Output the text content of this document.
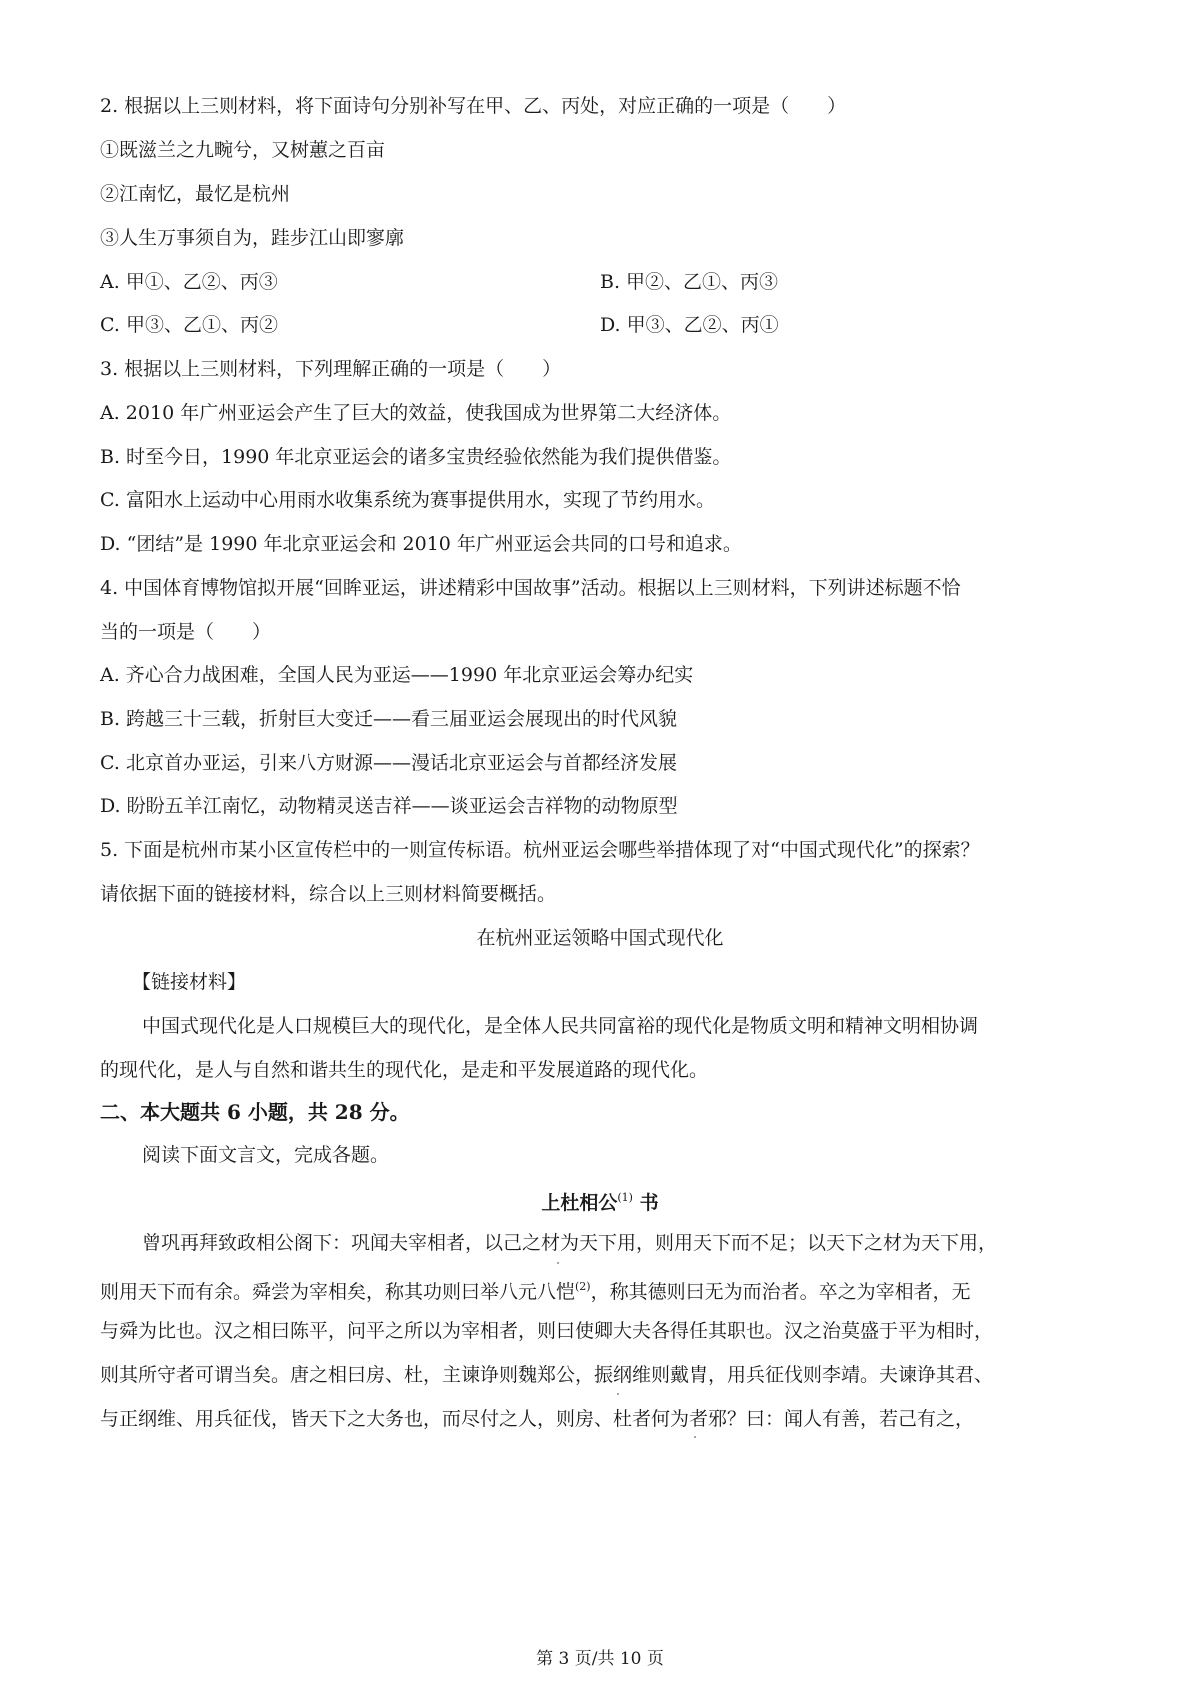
2. 根据以上三则材料，将下面诗句分别补写在甲、乙、丙处，对应正确的一项是（　　）
①既滋兰之九畹兮，又树蕙之百亩
②江南忆，最忆是杭州
③人生万事须自为，跬步江山即寥廓
A. 甲①、乙②、丙③	B. 甲②、乙①、丙③
C. 甲③、乙①、丙②	D. 甲③、乙②、丙①
3. 根据以上三则材料，下列理解正确的一项是（　　）
A. 2010 年广州亚运会产生了巨大的效益，使我国成为世界第二大经济体。
B. 时至今日，1990 年北京亚运会的诸多宝贵经验依然能为我们提供借鉴。
C. 富阳水上运动中心用雨水收集系统为赛事提供用水，实现了节约用水。
D. “团结”是 1990 年北京亚运会和 2010 年广州亚运会共同的口号和追求。
4. 中国体育博物馆拟开展“回眸亚运，讲述精彩中国故事”活动。根据以上三则材料，下列讲述标题不恰
当的一项是（　　）
A. 齐心合力战困难，全国人民为亚运——1990 年北京亚运会筹办纪实
B. 跨越三十三载，折射巨大变迁——看三届亚运会展现出的时代风貌
C. 北京首办亚运，引来八方财源——漫话北京亚运会与首都经济发展
D. 盼盼五羊江南忆，动物精灵送吉祥——谈亚运会吉祥物的动物原型
5. 下面是杭州市某小区宣传栏中的一则宣传标语。杭州亚运会哪些举措体现了对“中国式现代化”的探索？
请依据下面的链接材料，综合以上三则材料简要概括。
在杭州亚运领略中国式现代化
【链接材料】
中国式现代化是人口规模巨大的现代化，是全体人民共同富裕的现代化是物质文明和精神文明相协调
的现代化，是人与自然和谐共生的现代化，是走和平发展道路的现代化。
二、本大题共 6 小题，共 28 分。
阅读下面文言文，完成各题。
上杜相公$^{(1)}$ 书
曾巩再拜致政相公阁下：巩闻夫宰相者，以己之材为天下用，则用天下而不足；以天下之材为天下用，
则用天下而有余。舜尝为宰相矣，称其功则曰举八元八恺$^{(2)}$，称其德则曰无为而治者。卒之为宰相者，无
与舜为比也。汉之相曰陈平，问平之所以为宰相者，则曰使卿大夫各得任其职也。汉之治莫盛于平为相时，
则其所守者可谓当矣。唐之相曰房、杜，主谏诤则魏郑公，振纲维则戴胄，用兵征伐则李靖。夫谏诤其君、
与正纲维、用兵征伐，皆天下之大务也，而尽付之人，则房、杜者何为者邪？曰：闻人有善，若己有之，
第 3 页/共 10 页
